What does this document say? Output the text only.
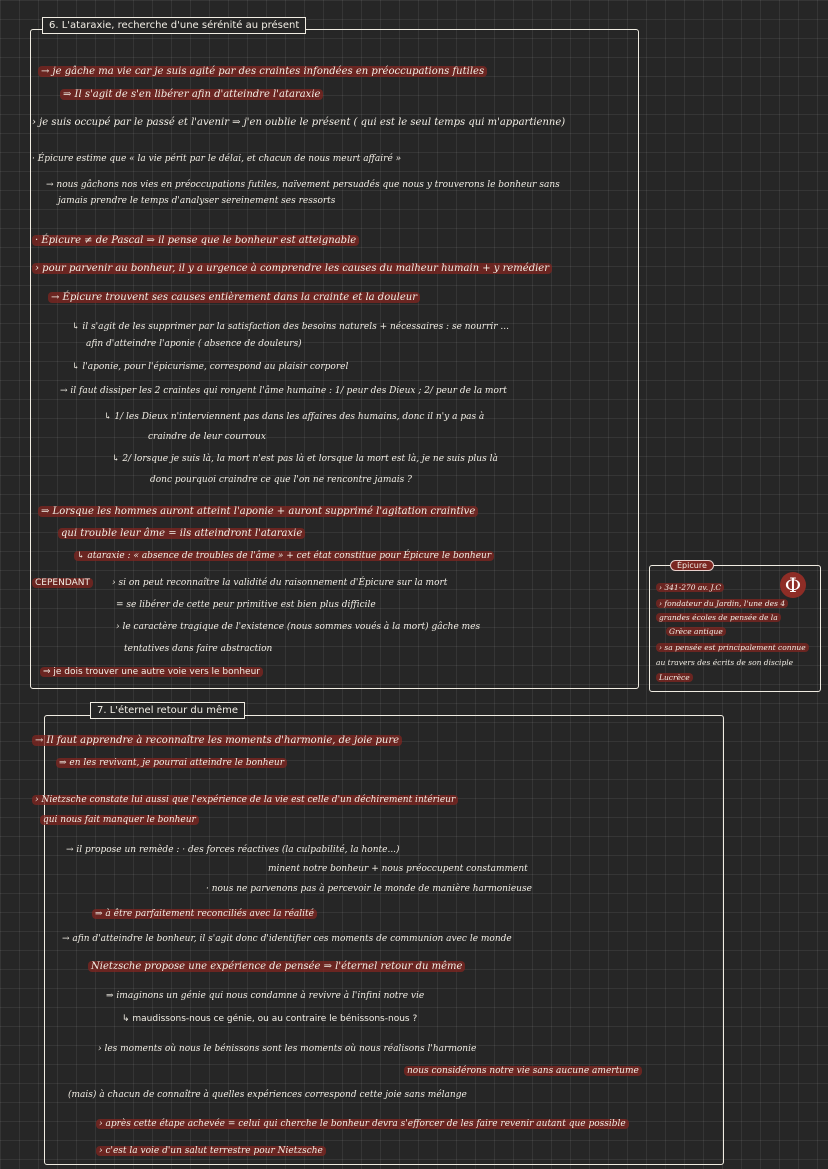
6. L'ataraxie, recherche d'une sérénité au présent
→ je gâche ma vie car je suis agité par des craintes infondées en préoccupations futiles
⇒ Il s'agit de s'en libérer afin d'atteindre l'ataraxie
› je suis occupé par le passé et l'avenir ⇒ j'en oublie le présent ( qui est le seul temps qui m'appartienne)
· Épicure estime que « la vie périt par le délai, et chacun de nous meurt affairé »
→ nous gâchons nos vies en préoccupations futiles, naïvement persuadés que nous y trouverons le bonheur sans
jamais prendre le temps d'analyser sereinement ses ressorts
· Épicure ≠ de Pascal ⇒ il pense que le bonheur est atteignable
› pour parvenir au bonheur, il y a urgence à comprendre les causes du malheur humain + y remédier
→ Épicure trouvent ses causes entièrement dans la crainte et la douleur
↳ il s'agit de les supprimer par la satisfaction des besoins naturels + nécessaires : se nourrir ...
afin d'atteindre l'aponie ( absence de douleurs)
↳ l'aponie, pour l'épicurisme, correspond au plaisir corporel
→ il faut dissiper les 2 craintes qui rongent l'âme humaine : 1/ peur des Dieux ; 2/ peur de la mort
↳ 1/ les Dieux n'interviennent pas dans les affaires des humains, donc il n'y a pas à
craindre de leur courroux
↳ 2/ lorsque je suis là, la mort n'est pas là et lorsque la mort est là, je ne suis plus là
donc pourquoi craindre ce que l'on ne rencontre jamais ?
⇒ Lorsque les hommes auront atteint l'aponie + auront supprimé l'agitation craintive
qui trouble leur âme = ils atteindront l'ataraxie
↳ ataraxie : « absence de troubles de l'âme » + cet état constitue pour Épicure le bonheur
CEPENDANT	› si on peut reconnaître la validité du raisonnement d'Épicure sur la mort
= se libérer de cette peur primitive est bien plus difficile
› le caractère tragique de l'existence (nous sommes voués à la mort) gâche mes
tentatives dans faire abstraction
⇒ je dois trouver une autre voie vers le bonheur
Épicure
Φ
› 341-270 av. J.C
› fondateur du Jardin, l'une des 4
grandes écoles de pensée de la
Grèce antique
› sa pensée est principalement connue
au travers des écrits de son disciple
Lucrèce
7. L'éternel retour du même
→ Il faut apprendre à reconnaître les moments d'harmonie, de joie pure
⇒ en les revivant, je pourrai atteindre le bonheur
› Nietzsche constate lui aussi que l'expérience de la vie est celle d'un déchirement intérieur
qui nous fait manquer le bonheur
→ il propose un remède : · des forces réactives (la culpabilité, la honte...)
minent notre bonheur + nous préoccupent constamment
· nous ne parvenons pas à percevoir le monde de manière harmonieuse
⇒ à être parfaitement reconciliés avec la réalité
→ afin d'atteindre le bonheur, il s'agit donc d'identifier ces moments de communion avec le monde
Nietzsche propose une expérience de pensée ⇒ l'éternel retour du même
⇒ imaginons un génie qui nous condamne à revivre à l'infini notre vie
↳ maudissons-nous ce génie, ou au contraire le bénissons-nous ?
› les moments où nous le bénissons sont les moments où nous réalisons l'harmonie
nous considérons notre vie sans aucune amertume
(mais) à chacun de connaître à quelles expériences correspond cette joie sans mélange
› après cette étape achevée = celui qui cherche le bonheur devra s'efforcer de les faire revenir autant que possible
› c'est la voie d'un salut terrestre pour Nietzsche
